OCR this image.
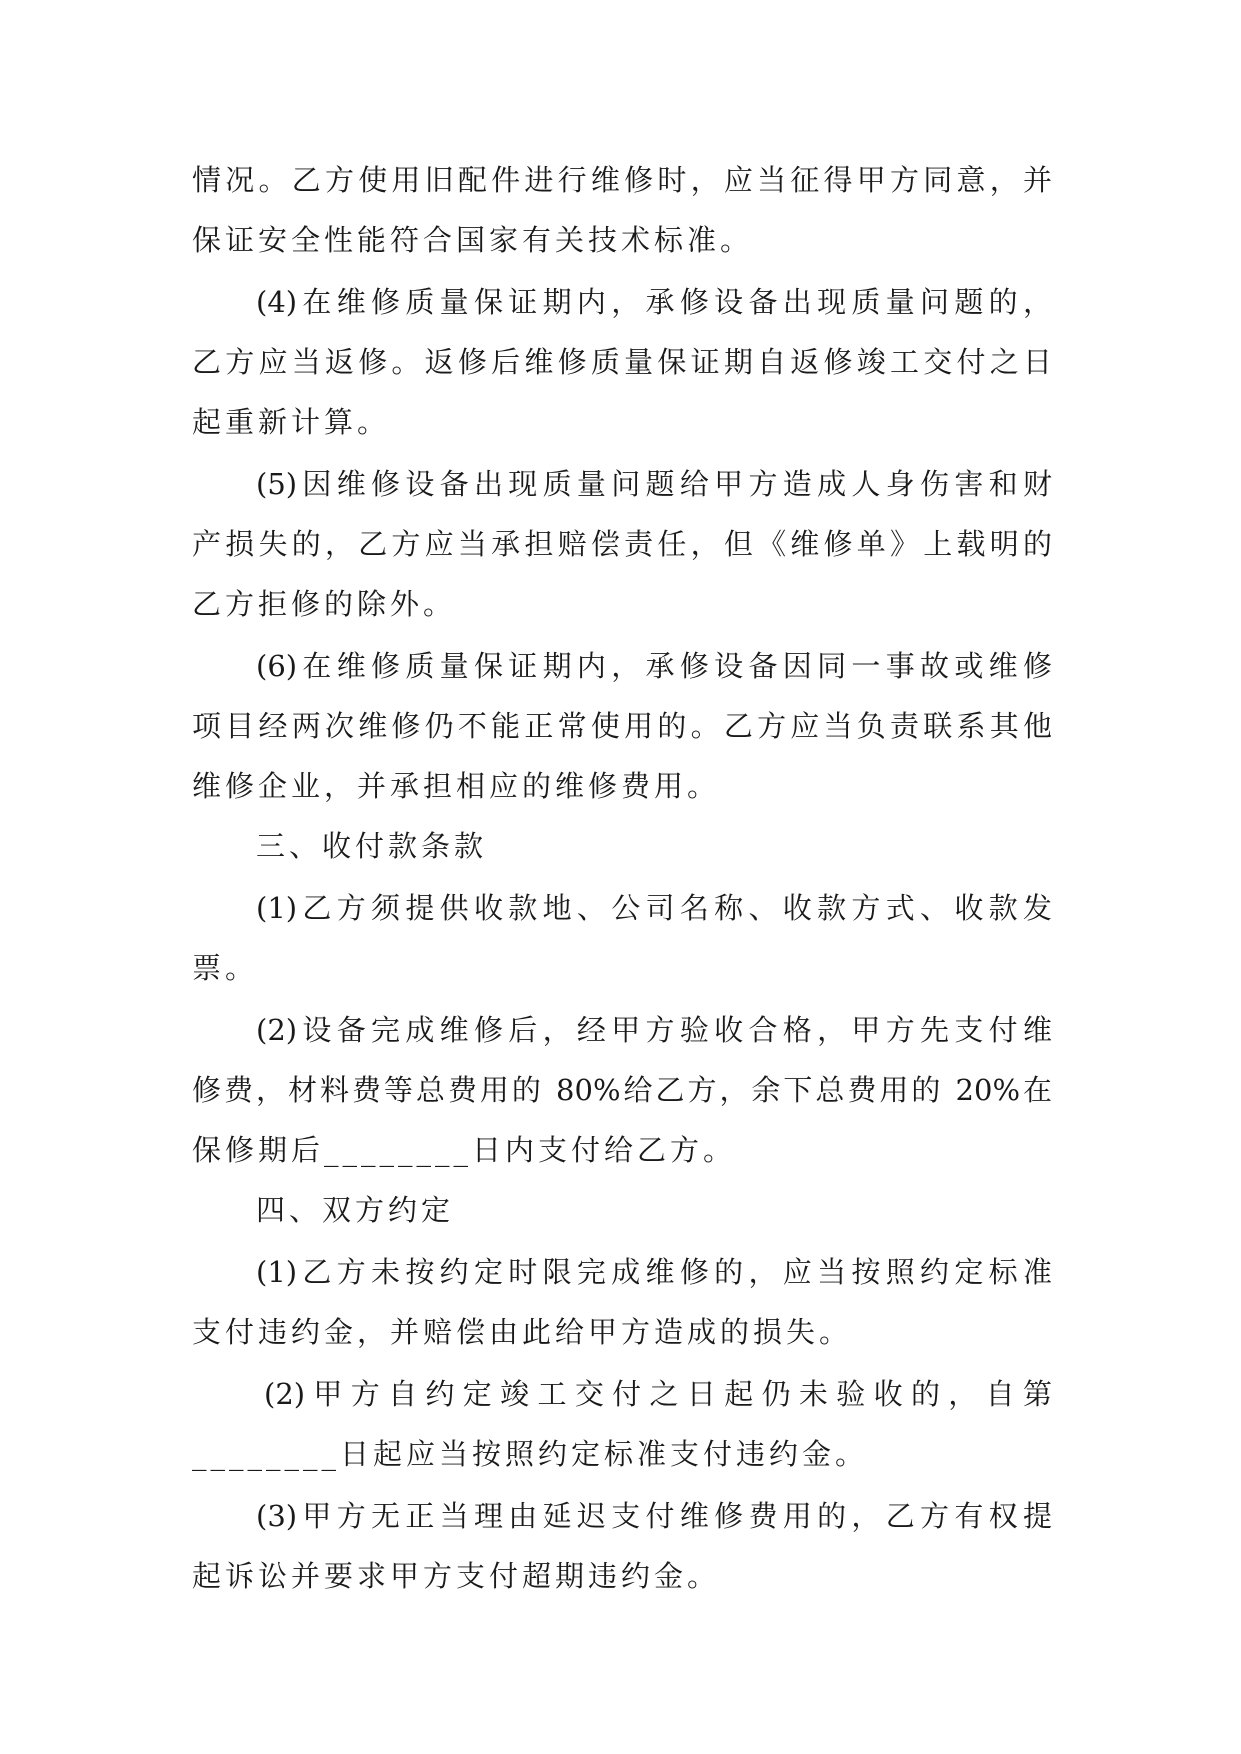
情况。乙方使用旧配件进行维修时，应当征得甲方同意，并
保证安全性能符合国家有关技术标准。
(4)在维修质量保证期内，承修设备出现质量问题的，
乙方应当返修。返修后维修质量保证期自返修竣工交付之日
起重新计算。
(5)因维修设备出现质量问题给甲方造成人身伤害和财
产损失的，乙方应当承担赔偿责任，但《维修单》上载明的
乙方拒修的除外。
(6)在维修质量保证期内，承修设备因同一事故或维修
项目经两次维修仍不能正常使用的。乙方应当负责联系其他
维修企业，并承担相应的维修费用。
三、收付款条款
(1)乙方须提供收款地、公司名称、收款方式、收款发
票。
(2)设备完成维修后，经甲方验收合格，甲方先支付维
修费，材料费等总费用的 80%给乙方，余下总费用的 20%在
保修期后________日内支付给乙方。
四、双方约定
(1)乙方未按约定时限完成维修的，应当按照约定标准
支付违约金，并赔偿由此给甲方造成的损失。
(2)甲方自约定竣工交付之日起仍未验收的，自第
________日起应当按照约定标准支付违约金。
(3)甲方无正当理由延迟支付维修费用的，乙方有权提
起诉讼并要求甲方支付超期违约金。
